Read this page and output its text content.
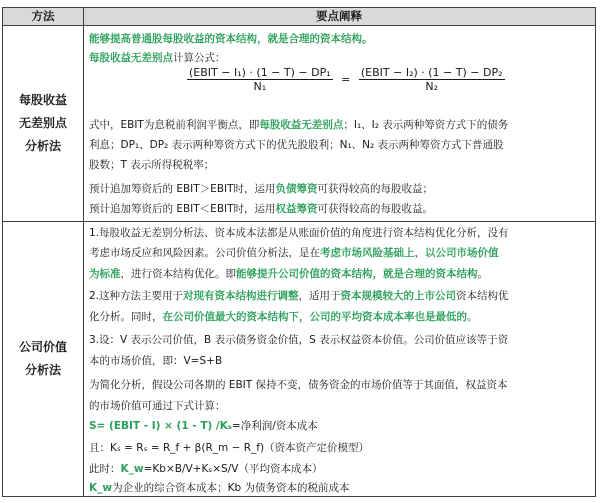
方法	要点阐释
每股收益
无差别点
分析法
能够提高普通股每股收益的资本结构，就是合理的资本结构。
每股收益无差别点计算公式：
$\frac{\text{(EBIT − I₁) · (1 − T) − DP₁}}{\text{N₁}} = \frac{\text{(EBIT − I₂) · (1 − T) − DP₂}}{\text{N₂}}$
式中，EBIT为息税前利润平衡点，即每股收益无差别点；I₁、I₂ 表示两种筹资方式下的债务
利息；DP₁、DP₂ 表示两种筹资方式下的优先股股利；N₁、N₂ 表示两种筹资方式下普通股
股数；T 表示所得税税率；
预计追加筹资后的 EBIT＞EBIT时，运用负债筹资可获得较高的每股收益；
预计追加筹资后的 EBIT＜EBIT时，运用权益筹资可获得较高的每股收益。
公司价值
分析法
1.每股收益无差别分析法、资本成本法都是从账面价值的角度进行资本结构优化分析，没有
考虑市场反应和风险因素。公司价值分析法，是在考虑市场风险基础上，以公司市场价值
为标准，进行资本结构优化。即能够提升公司价值的资本结构，就是合理的资本结构。
2.这种方法主要用于对现有资本结构进行调整，适用于资本规模较大的上市公司资本结构优
化分析。同时，在公司价值最大的资本结构下，公司的平均资本成本率也是最低的。
3.设：V 表示公司价值，B 表示债务资金价值，S 表示权益资本价值。公司价值应该等于资
本的市场价值，即：V=S+B
为简化分析，假设公司各期的 EBIT 保持不变，债务资金的市场价值等于其面值，权益资本
的市场价值可通过下式计算：
S= (EBIT - I) × (1 - T) /Kₛ=净利润/资本成本
且：Kₛ = Rₛ = R_f + β(R_m − R_f)（资本资产定价模型）
此时：K_w=Kb×B/V+Kₛ×S/V（平均资本成本）
K_w为企业的综合资本成本；Kb 为债务资本的税前成本
